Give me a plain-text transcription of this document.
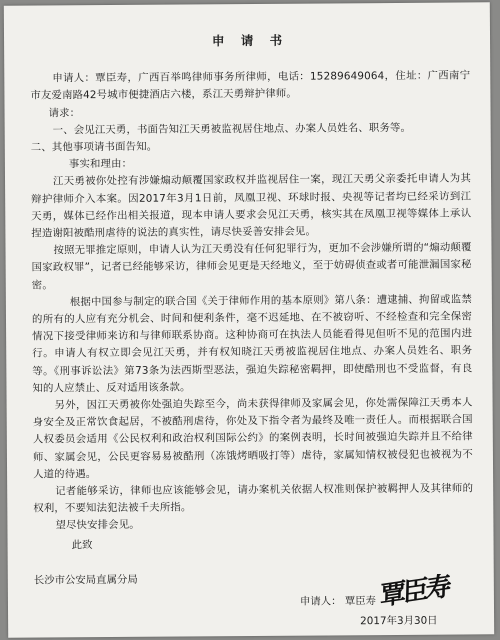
申 请 书

申请人：覃臣寿，广西百举鸣律师事务所律师，电话：15289649064，住址：广西南宁市友爱南路42号城市便捷酒店六楼，系江天勇辩护律师。

请求：

一、会见江天勇，书面告知江天勇被监视居住地点、办案人员姓名、职务等。

二、其他事项请书面告知。

事实和理由：

江天勇被你处控有涉嫌煽动颠覆国家政权并监视居住一案，现江天勇父亲委托申请人为其辩护律师介入本案。因2017年3月1日前，凤凰卫视、环球时报、央视等记者均已经采访到江天勇，媒体已经作出相关报道，现本申请人要求会见江天勇，核实其在凤凰卫视等媒体上承认捏造谢阳被酷刑虐待的说法的真实性，请尽快妥善安排会见。

按照无罪推定原则，申请人认为江天勇没有任何犯罪行为，更加不会涉嫌所谓的“煽动颠覆国家政权罪”，记者已经能够采访，律师会见更是天经地义，至于妨碍侦查或者可能泄漏国家秘密。

根据中国参与制定的联合国《关于律师作用的基本原则》第八条：遭逮捕、拘留或监禁的所有的人应有充分机会、时间和便利条件，毫不迟延地、在不被窃听、不经检查和完全保密情况下接受律师来访和与律师联系协商。这种协商可在执法人员能看得见但听不见的范围内进行。申请人有权立即会见江天勇，并有权知晓江天勇被监视居住地点、办案人员姓名、职务等。《刑事诉讼法》第73条为法西斯型恶法，强迫失踪秘密羁押，即使酷刑也不受监督，有良知的人应禁止、反对适用该条款。

另外，因江天勇被你处强迫失踪至今，尚未获得律师及家属会见，你处需保障江天勇本人身安全及正常饮食起居，不被酷刑虐待，你处及下指令者为最终及唯一责任人。而根据联合国人权委员会适用《公民权利和政治权利国际公约》的案例表明，长时间被强迫失踪并且不给律师、家属会见，公民更容易易被酷刑（冻饿烤晒吸打等）虐待，家属知情权被侵犯也被视为不人道的待遇。

记者能够采访，律师也应该能够会见，请办案机关依据人权准则保护被羁押人及其律师的权利，不要知法犯法被千夫所指。

望尽快安排会见。

此致

长沙市公安局直属分局	覃臣寿
申请人： 覃臣寿
2017年3月30日
